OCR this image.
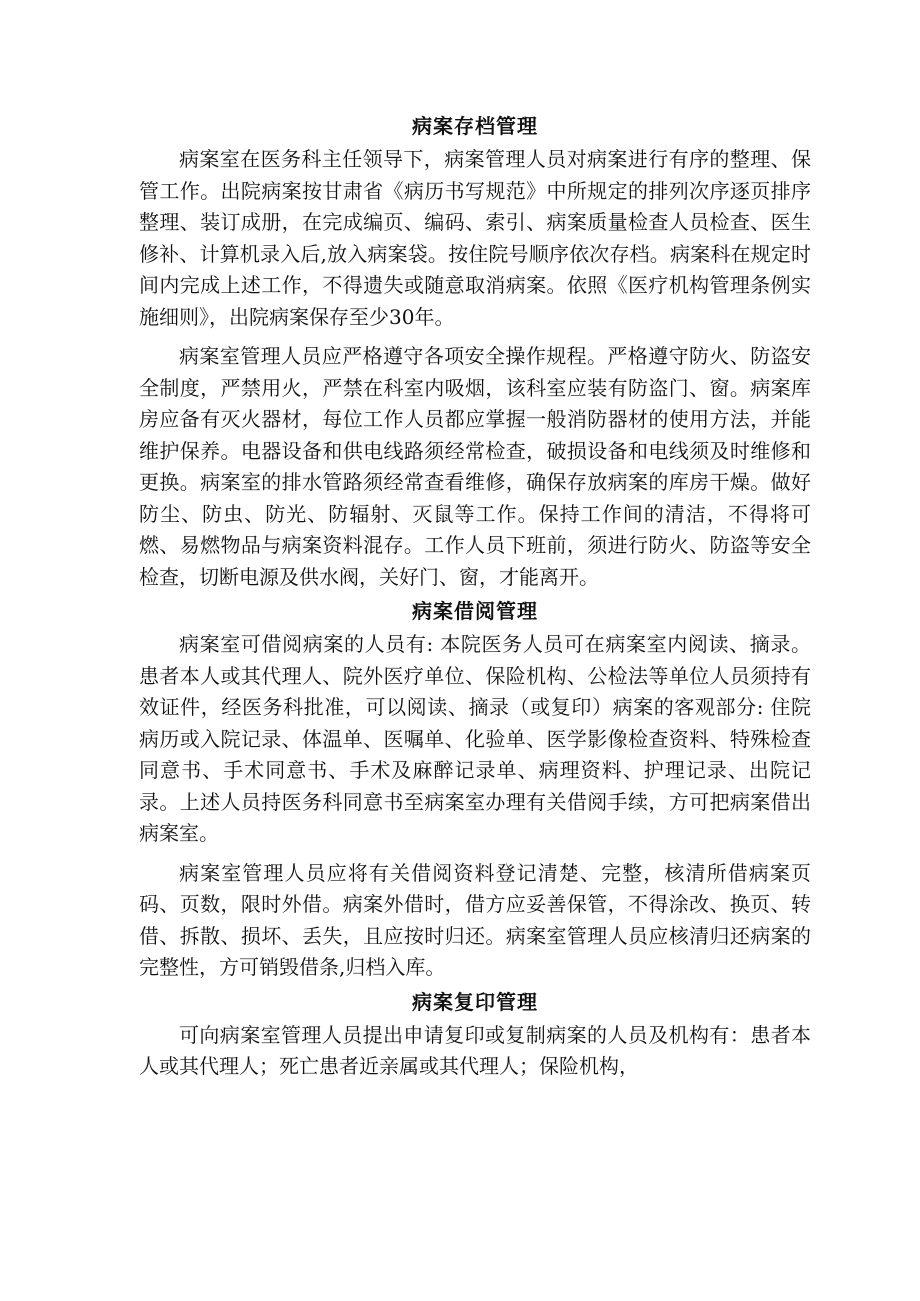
病案存档管理

病案室在医务科主任领导下，病案管理人员对病案进行有序的整理、保管工作。出院病案按甘肃省《病历书写规范》中所规定的排列次序逐页排序整理、装订成册，在完成编页、编码、索引、病案质量检查人员检查、医生修补、计算机录入后,放入病案袋。按住院号顺序依次存档。病案科在规定时间内完成上述工作，不得遗失或随意取消病案。依照《医疗机构管理条例实施细则》，出院病案保存至少30年。

病案室管理人员应严格遵守各项安全操作规程。严格遵守防火、防盗安全制度，严禁用火，严禁在科室内吸烟，该科室应装有防盗门、窗。病案库房应备有灭火器材，每位工作人员都应掌握一般消防器材的使用方法，并能维护保养。电器设备和供电线路须经常检查，破损设备和电线须及时维修和更换。病案室的排水管路须经常查看维修，确保存放病案的库房干燥。做好防尘、防虫、防光、防辐射、灭鼠等工作。保持工作间的清洁，不得将可燃、易燃物品与病案资料混存。工作人员下班前，须进行防火、防盗等安全检查，切断电源及供水阀，关好门、窗，才能离开。

病案借阅管理

病案室可借阅病案的人员有: 本院医务人员可在病案室内阅读、摘录。患者本人或其代理人、院外医疗单位、保险机构、公检法等单位人员须持有效证件，经医务科批准，可以阅读、摘录（或复印）病案的客观部分: 住院病历或入院记录、体温单、医嘱单、化验单、医学影像检查资料、特殊检查同意书、手术同意书、手术及麻醉记录单、病理资料、护理记录、出院记录。上述人员持医务科同意书至病案室办理有关借阅手续，方可把病案借出病案室。

病案室管理人员应将有关借阅资料登记清楚、完整，核清所借病案页码、页数，限时外借。病案外借时，借方应妥善保管，不得涂改、换页、转借、拆散、损坏、丢失，且应按时归还。病案室管理人员应核清归还病案的完整性，方可销毁借条,归档入库。

病案复印管理

可向病案室管理人员提出申请复印或复制病案的人员及机构有：患者本人或其代理人；死亡患者近亲属或其代理人；保险机构，
